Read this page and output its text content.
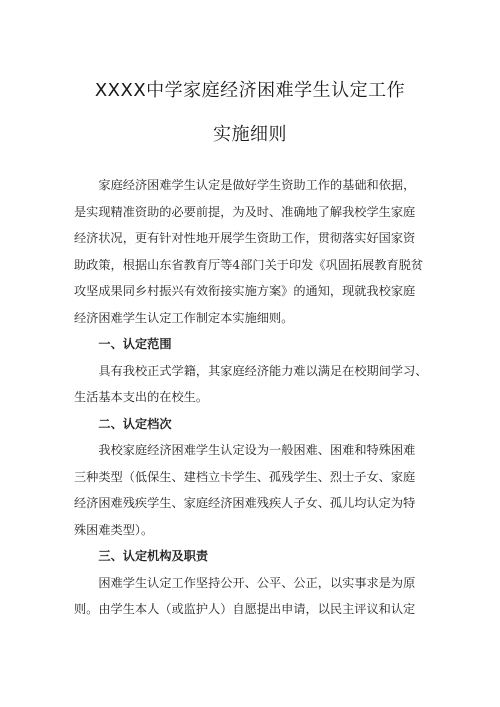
XXXX中学家庭经济困难学生认定工作
实施细则
家庭经济困难学生认定是做好学生资助工作的基础和依据，
是实现精准资助的必要前提，为及时、准确地了解我校学生家庭
经济状况，更有针对性地开展学生资助工作，贯彻落实好国家资
助政策，根据山东省教育厅等4部门关于印发《巩固拓展教育脱贫
攻坚成果同乡村振兴有效衔接实施方案》的通知，现就我校家庭
经济困难学生认定工作制定本实施细则。
一、认定范围
具有我校正式学籍，其家庭经济能力难以满足在校期间学习、
生活基本支出的在校生。
二、认定档次
我校家庭经济困难学生认定设为一般困难、困难和特殊困难
三种类型（低保生、建档立卡学生、孤残学生、烈士子女、家庭
经济困难残疾学生、家庭经济困难残疾人子女、孤儿均认定为特
殊困难类型）。
三、认定机构及职责
困难学生认定工作坚持公开、公平、公正，以实事求是为原
则。由学生本人（或监护人）自愿提出申请，以民主评议和认定
